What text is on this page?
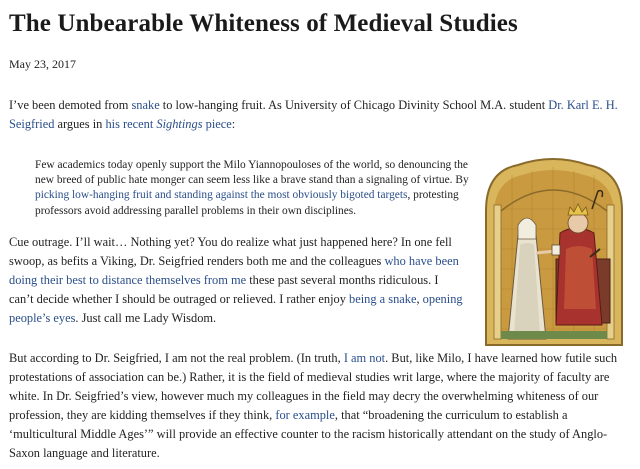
The Unbearable Whiteness of Medieval Studies
May 23, 2017

I’ve been demoted from snake to low-hanging fruit. As University of Chicago Divinity School M.A. student Dr. Karl E. H. Seigfried argues in his recent Sightings piece:

Few academics today openly support the Milo Yiannopouloses of the world, so denouncing the new breed of public hate monger can seem less like a brave stand than a signaling of virtue. By picking low-hanging fruit and standing against the most obviously bigoted targets, protesting professors avoid addressing parallel problems in their own disciplines.

Cue outrage. I’ll wait… Nothing yet? You do realize what just happened here? In one fell swoop, as befits a Viking, Dr. Seigfried renders both me and the colleagues who have been doing their best to distance themselves from me these past several months ridiculous. I can’t decide whether I should be outraged or relieved. I rather enjoy being a snake, opening people’s eyes. Just call me Lady Wisdom.

But according to Dr. Seigfried, I am not the real problem. (In truth, I am not. But, like Milo, I have learned how futile such protestations of association can be.) Rather, it is the field of medieval studies writ large, where the majority of faculty are white. In Dr. Seigfried’s view, however much my colleagues in the field may decry the overwhelming whiteness of our profession, they are kidding themselves if they think, for example, that “broadening the curriculum to establish a ‘multicultural Middle Ages’” will provide an effective counter to the racism historically attendant on the study of Anglo-Saxon language and literature.
